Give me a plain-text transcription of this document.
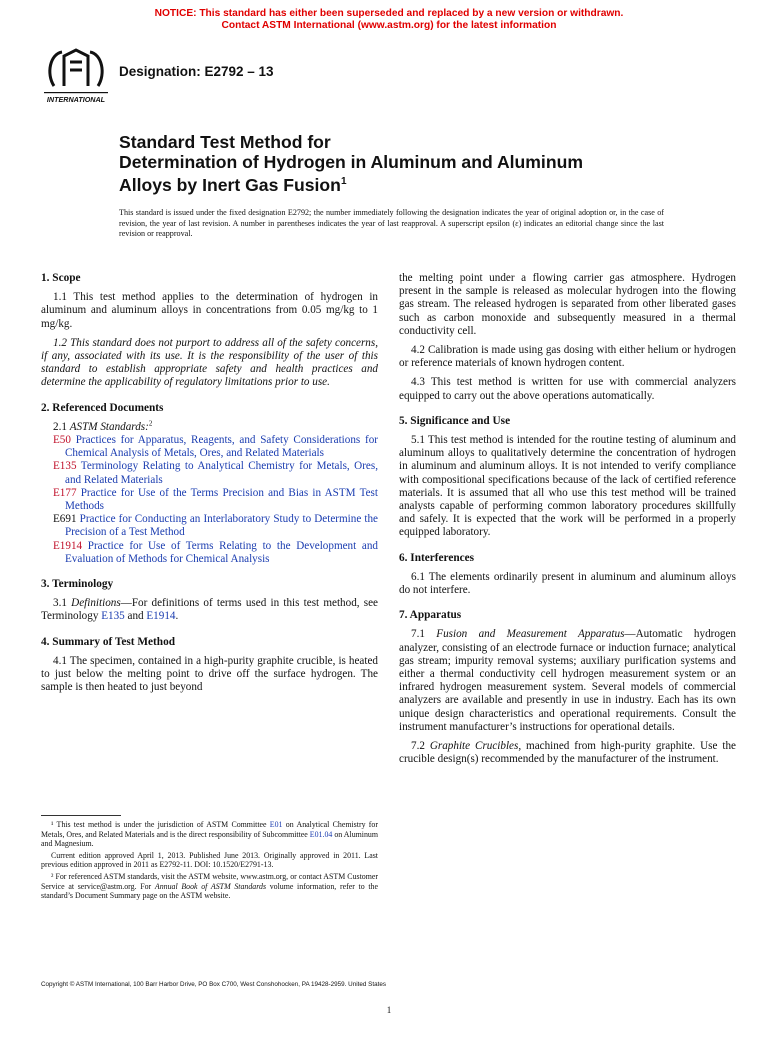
NOTICE: This standard has either been superseded and replaced by a new version or withdrawn.
Contact ASTM International (www.astm.org) for the latest information
INTERNATIONAL
Designation: E2792 – 13
Standard Test Method for
Determination of Hydrogen in Aluminum and Aluminum
Alloys by Inert Gas Fusion$^1$
This standard is issued under the fixed designation E2792; the number immediately following the designation indicates the year of original adoption or, in the case of revision, the year of last revision. A number in parentheses indicates the year of last reapproval. A superscript epsilon (ε) indicates an editorial change since the last revision or reapproval.
1. Scope

1.1 This test method applies to the determination of hydrogen in aluminum and aluminum alloys in concentrations from 0.05 mg/kg to 1 mg/kg.

1.2 This standard does not purport to address all of the safety concerns, if any, associated with its use. It is the responsibility of the user of this standard to establish appropriate safety and health practices and determine the applicability of regulatory limitations prior to use.

2. Referenced Documents

2.1 ASTM Standards:$^2$

E50 Practices for Apparatus, Reagents, and Safety Considerations for Chemical Analysis of Metals, Ores, and Related Materials
E135 Terminology Relating to Analytical Chemistry for Metals, Ores, and Related Materials
E177 Practice for Use of the Terms Precision and Bias in ASTM Test Methods
E691 Practice for Conducting an Interlaboratory Study to Determine the Precision of a Test Method
E1914 Practice for Use of Terms Relating to the Development and Evaluation of Methods for Chemical Analysis
3. Terminology

3.1 Definitions—For definitions of terms used in this test method, see Terminology E135 and E1914.

4. Summary of Test Method

4.1 The specimen, contained in a high-purity graphite crucible, is heated to just below the melting point to drive off the surface hydrogen. The sample is then heated to just beyond

the melting point under a flowing carrier gas atmosphere. Hydrogen present in the sample is released as molecular hydrogen into the flowing gas stream. The released hydrogen is separated from other liberated gases such as carbon monoxide and subsequently measured in a thermal conductivity cell.

4.2 Calibration is made using gas dosing with either helium or hydrogen or reference materials of known hydrogen content.

4.3 This test method is written for use with commercial analyzers equipped to carry out the above operations automatically.

5. Significance and Use

5.1 This test method is intended for the routine testing of aluminum and aluminum alloys to qualitatively determine the concentration of hydrogen in aluminum and aluminum alloys. It is not intended to verify compliance with compositional specifications because of the lack of certified reference materials. It is assumed that all who use this test method will be trained analysts capable of performing common laboratory procedures skillfully and safely. It is expected that the work will be performed in a properly equipped laboratory.

6. Interferences

6.1 The elements ordinarily present in aluminum and aluminum alloys do not interfere.

7. Apparatus

7.1 Fusion and Measurement Apparatus—Automatic hydrogen analyzer, consisting of an electrode furnace or induction furnace; analytical gas stream; impurity removal systems; auxiliary purification systems and either a thermal conductivity cell hydrogen measurement system or an infrared hydrogen measurement system. Several models of commercial analyzers are available and presently in use in industry. Each has its own unique design characteristics and operational requirements. Consult the instrument manufacturer’s instructions for operational details.

7.2 Graphite Crucibles, machined from high-purity graphite. Use the crucible design(s) recommended by the manufacturer of the instrument.

¹ This test method is under the jurisdiction of ASTM Committee E01 on Analytical Chemistry for Metals, Ores, and Related Materials and is the direct responsibility of Subcommittee E01.04 on Aluminum and Magnesium.

Current edition approved April 1, 2013. Published June 2013. Originally approved in 2011. Last previous edition approved in 2011 as E2792-11. DOI: 10.1520/E2791-13.

² For referenced ASTM standards, visit the ASTM website, www.astm.org, or contact ASTM Customer Service at service@astm.org. For Annual Book of ASTM Standards volume information, refer to the standard’s Document Summary page on the ASTM website.

Copyright © ASTM International, 100 Barr Harbor Drive, PO Box C700, West Conshohocken, PA 19428-2959. United States
1
